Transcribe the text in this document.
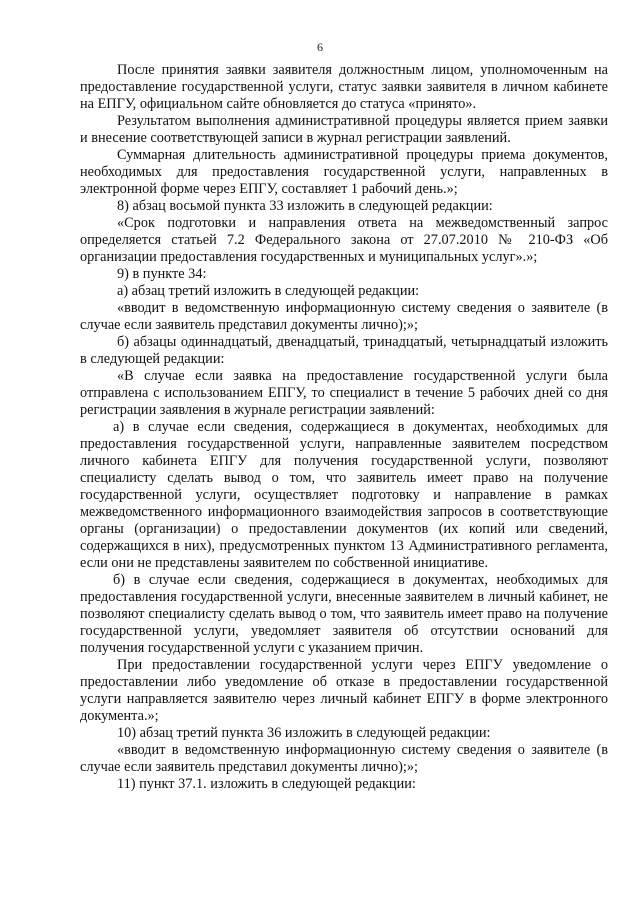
6

После принятия заявки заявителя должностным лицом, уполномоченным на предоставление государственной услуги, статус заявки заявителя в личном кабинете на ЕПГУ, официальном сайте обновляется до статуса «принято».

Результатом выполнения административной процедуры является прием заявки и внесение соответствующей записи в журнал регистрации заявлений.

Суммарная длительность административной процедуры приема документов, необходимых для предоставления государственной услуги, направленных в электронной форме через ЕПГУ, составляет 1 рабочий день.»;

8) абзац восьмой пункта 33 изложить в следующей редакции:

«Срок подготовки и направления ответа на межведомственный запрос определяется статьей 7.2 Федерального закона от 27.07.2010 № 210-ФЗ «Об организации предоставления государственных и муниципальных услуг».»;

9) в пункте 34:

а) абзац третий изложить в следующей редакции:

«вводит в ведомственную информационную систему сведения о заявителе (в случае если заявитель представил документы лично);»;

б) абзацы одиннадцатый, двенадцатый, тринадцатый, четырнадцатый изложить в следующей редакции:

«В случае если заявка на предоставление государственной услуги была отправлена с использованием ЕПГУ, то специалист в течение 5 рабочих дней со дня регистрации заявления в журнале регистрации заявлений:

а) в случае если сведения, содержащиеся в документах, необходимых для предоставления государственной услуги, направленные заявителем посредством личного кабинета ЕПГУ для получения государственной услуги, позволяют специалисту сделать вывод о том, что заявитель имеет право на получение государственной услуги, осуществляет подготовку и направление в рамках межведомственного информационного взаимодействия запросов в соответствующие органы (организации) о предоставлении документов (их копий или сведений, содержащихся в них), предусмотренных пунктом 13 Административного регламента, если они не представлены заявителем по собственной инициативе.

б) в случае если сведения, содержащиеся в документах, необходимых для предоставления государственной услуги, внесенные заявителем в личный кабинет, не позволяют специалисту сделать вывод о том, что заявитель имеет право на получение государственной услуги, уведомляет заявителя об отсутствии оснований для получения государственной услуги с указанием причин.

При предоставлении государственной услуги через ЕПГУ уведомление о предоставлении либо уведомление об отказе в предоставлении государственной услуги направляется заявителю через личный кабинет ЕПГУ в форме электронного документа.»;

10) абзац третий пункта 36 изложить в следующей редакции:

«вводит в ведомственную информационную систему сведения о заявителе (в случае если заявитель представил документы лично);»;

11) пункт 37.1. изложить в следующей редакции:
